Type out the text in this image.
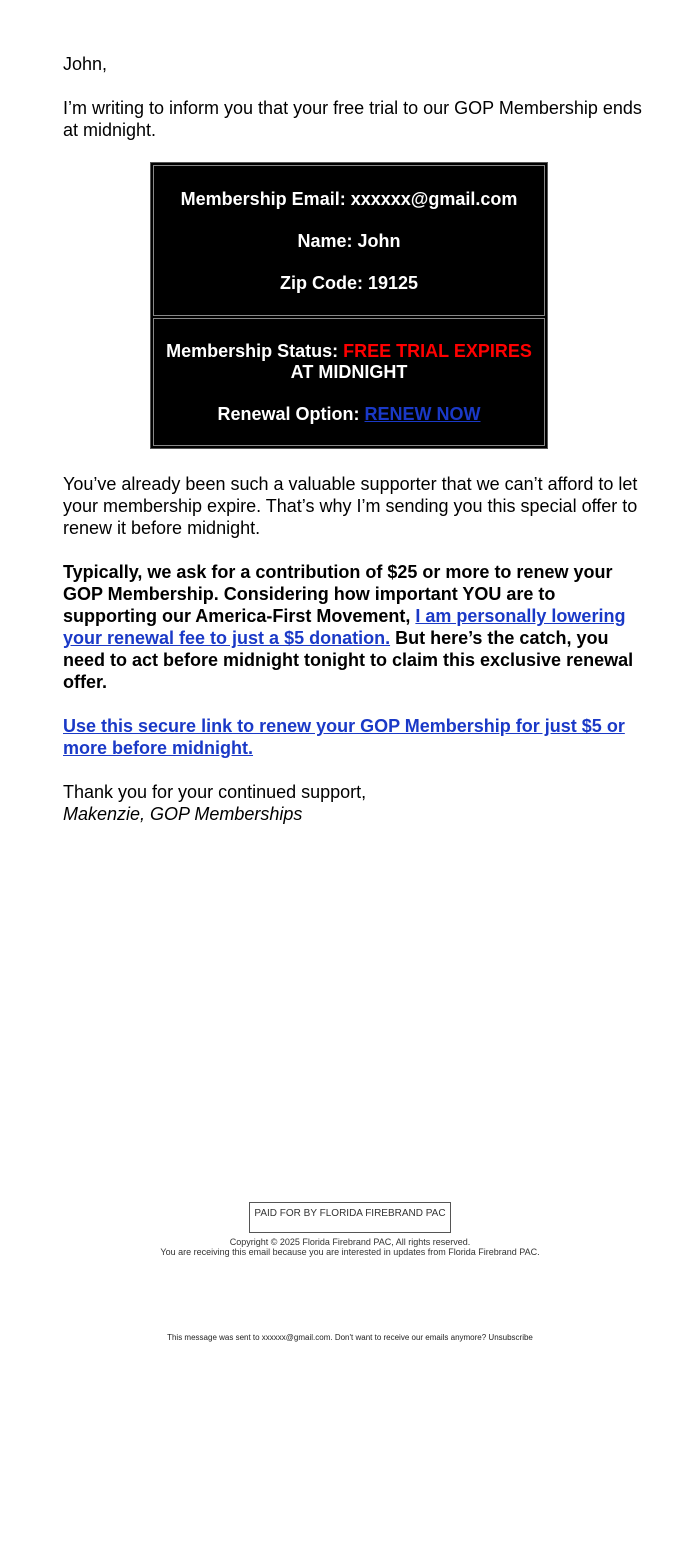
John,

I’m writing to inform you that your free trial to our GOP Membership ends at midnight.

Membership Email: xxxxxx@gmail.com
Name: John
Zip Code: 19125
Membership Status: FREE TRIAL EXPIRES
AT MIDNIGHT
Renewal Option: RENEW NOW

You’ve already been such a valuable supporter that we can’t afford to let your membership expire. That’s why I’m sending you this special offer to renew it before midnight.

Typically, we ask for a contribution of $25 or more to renew your GOP Membership. Considering how important YOU are to supporting our America-First Movement, I am personally lowering your renewal fee to just a $5 donation. But here’s the catch, you need to act before midnight tonight to claim this exclusive renewal offer.

Use this secure link to renew your GOP Membership for just $5 or more before midnight.

Thank you for your continued support,

Makenzie, GOP Memberships

PAID FOR BY FLORIDA FIREBRAND PAC
Copyright © 2025 Florida Firebrand PAC, All rights reserved.
You are receiving this email because you are interested in updates from Florida Firebrand PAC.
This message was sent to xxxxxx@gmail.com. Don't want to receive our emails anymore? Unsubscribe
